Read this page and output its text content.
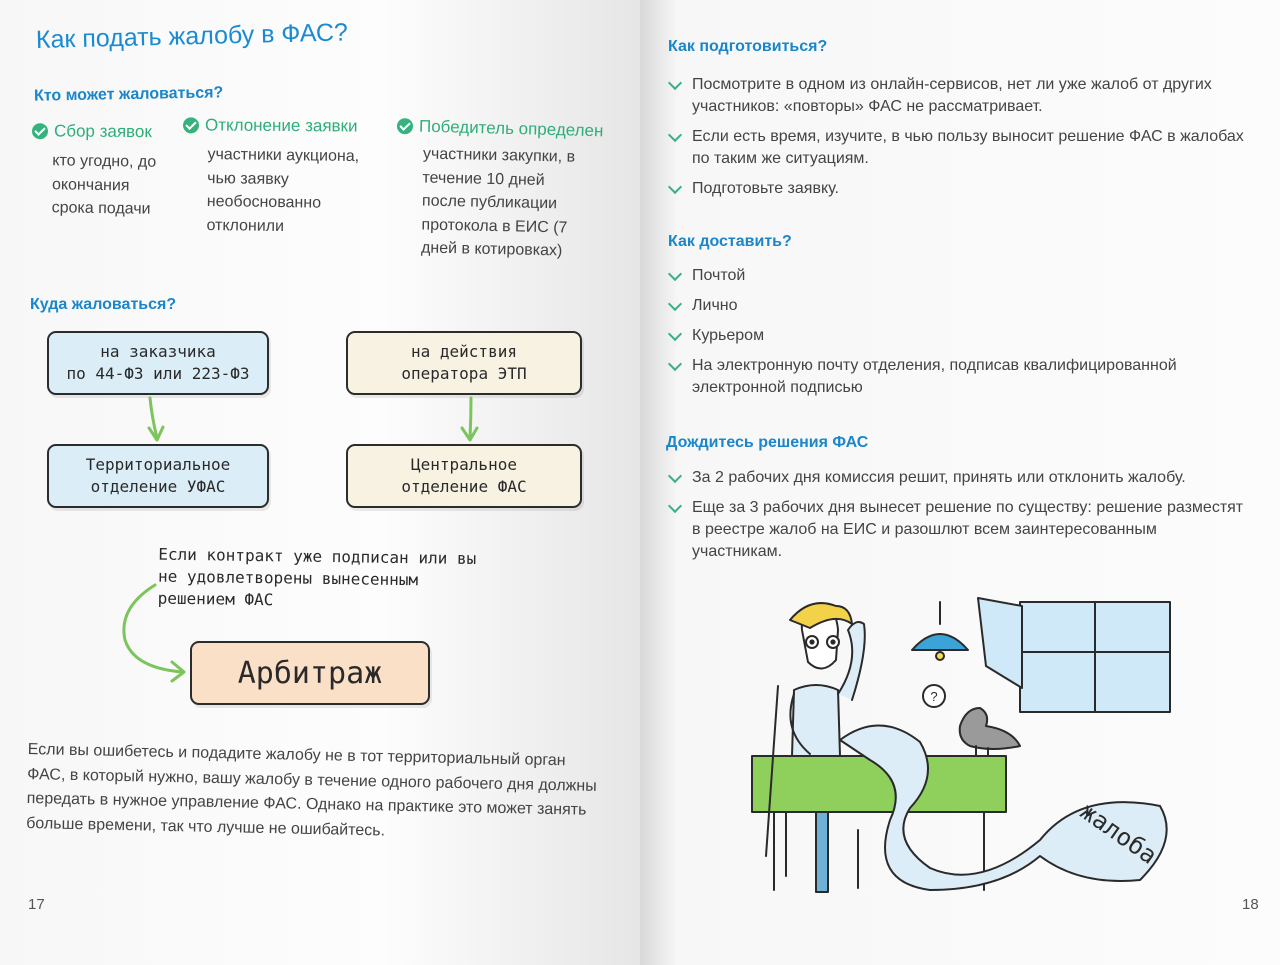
Как подать жалобу в ФАС?
Кто может жаловаться?
Сбор заявок
кто угодно, до окончания срока подачи
Отклонение заявки
участники аукциона, чью заявку необоснованно отклонили
Победитель определен
участники закупки, в течение 10 дней после публикации протокола в ЕИС (7 дней в котировках)
Куда жаловаться?
на заказчика
по 44-ФЗ или 223-ФЗ
на действия
оператора ЭТП
Территориальное
отделение УФАС
Центральное
отделение ФАС
Если контракт уже подписан или вы не удовлетворены вынесенным решением ФАС
Арбитраж

Если вы ошибетесь и подадите жалобу не в тот территориальный орган ФАС, в который нужно, вашу жалобу в течение одного рабочего дня должны передать в нужное управление ФАС. Однако на практике это может занять больше времени, так что лучше не ошибайтесь.

17
Как подготовиться?
Посмотрите в одном из онлайн-сервисов, нет ли уже жалоб от других участников: «повторы» ФАС не рассматривает.
Если есть время, изучите, в чью пользу выносит решение ФАС в жалобах по таким же ситуациям.
Подготовьте заявку.
Как доставить?
Почтой
Лично
Курьером
На электронную почту отделения, подписав квалифицированной электронной подписью
Дождитесь решения ФАС
За 2 рабочих дня комиссия решит, принять или отклонить жалобу.
Еще за 3 рабочих дня вынесет решение по существу: решение разместят в реестре жалоб на ЕИС и разошлют всем заинтересованным участникам.
?
жалоба
18
